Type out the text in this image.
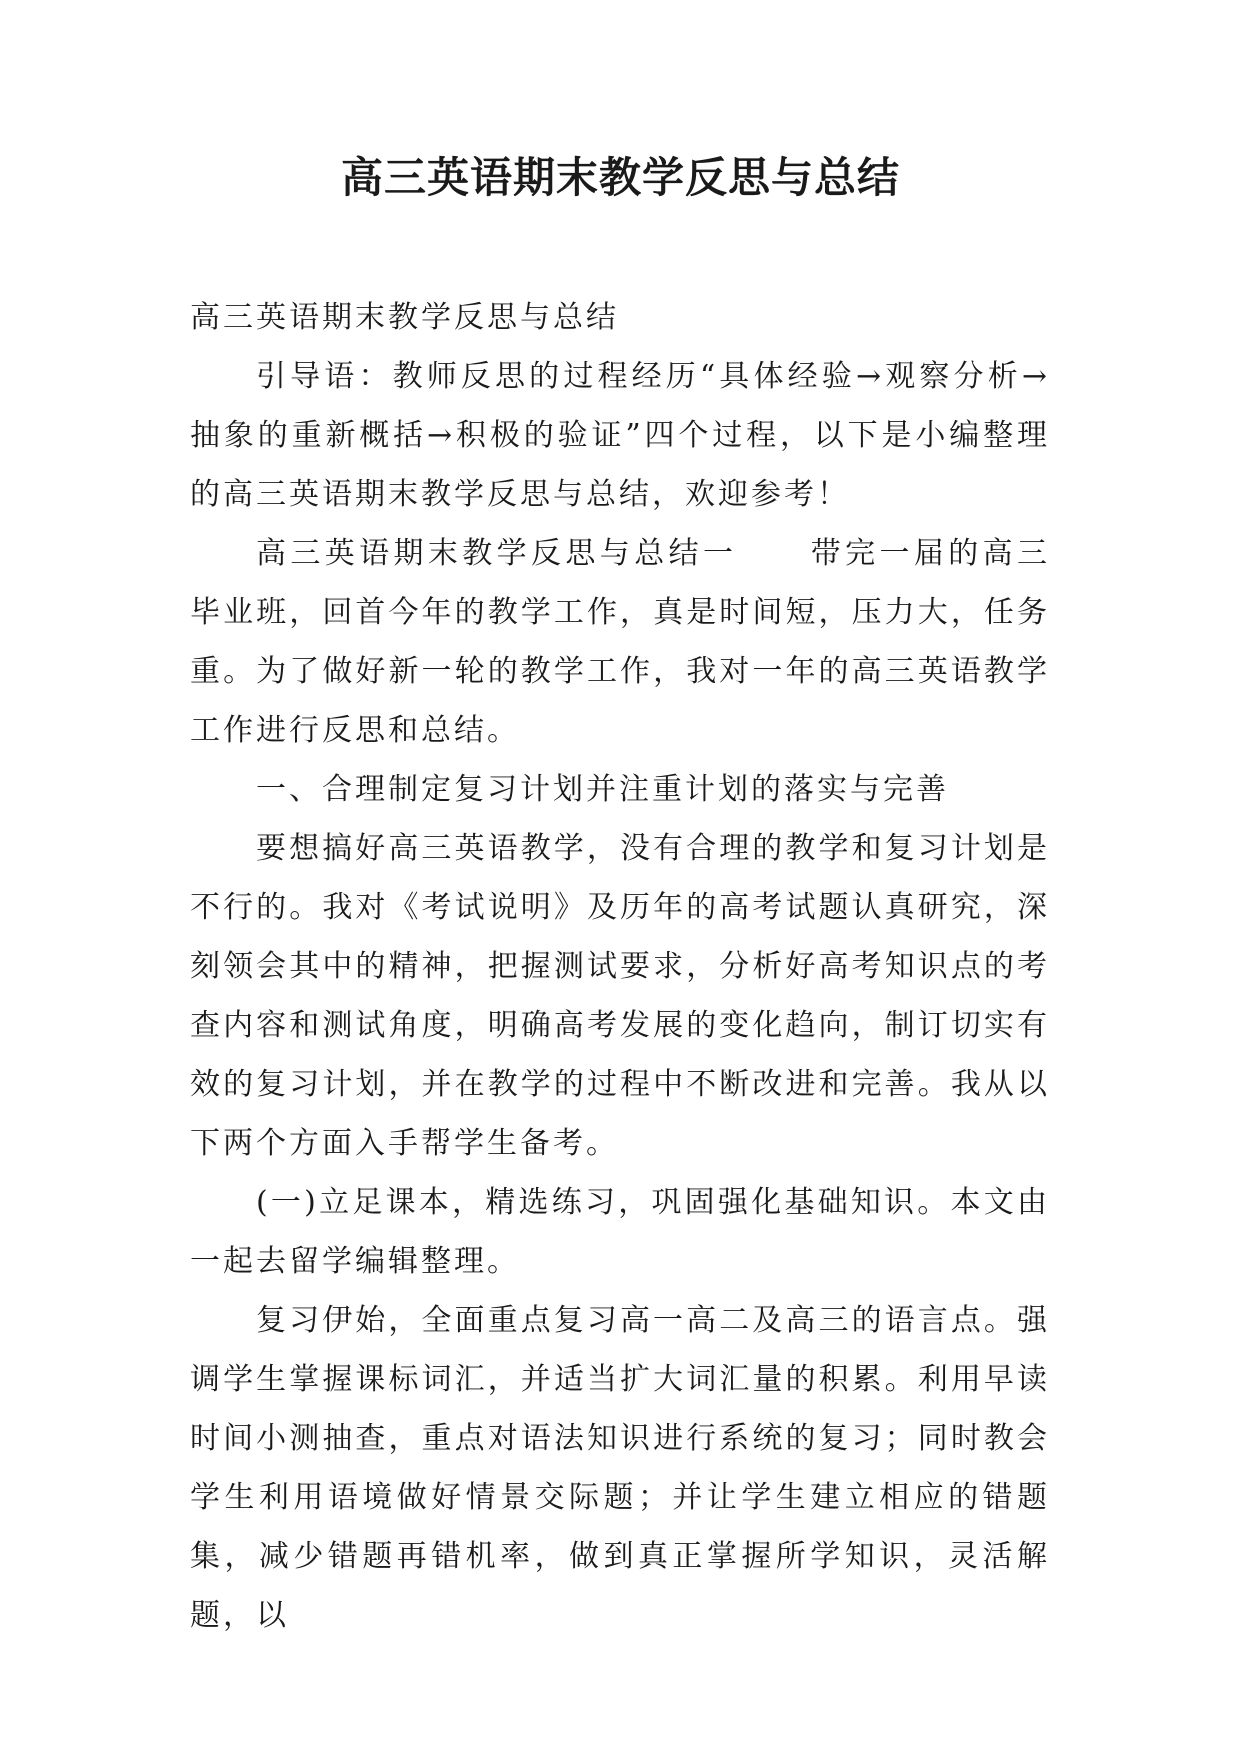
高三英语期末教学反思与总结

高三英语期末教学反思与总结

引导语：教师反思的过程经历“具体经验→观察分析→抽象的重新概括→积极的验证”四个过程，以下是小编整理的高三英语期末教学反思与总结，欢迎参考！

高三英语期末教学反思与总结一 带完一届的高三毕业班，回首今年的教学工作，真是时间短，压力大，任务重。为了做好新一轮的教学工作，我对一年的高三英语教学工作进行反思和总结。

一、合理制定复习计划并注重计划的落实与完善

要想搞好高三英语教学，没有合理的教学和复习计划是不行的。我对《考试说明》及历年的高考试题认真研究，深刻领会其中的精神，把握测试要求，分析好高考知识点的考查内容和测试角度，明确高考发展的变化趋向，制订切实有效的复习计划，并在教学的过程中不断改进和完善。我从以下两个方面入手帮学生备考。

(一)立足课本，精选练习，巩固强化基础知识。本文由一起去留学编辑整理。

复习伊始，全面重点复习高一高二及高三的语言点。强调学生掌握课标词汇，并适当扩大词汇量的积累。利用早读时间小测抽查，重点对语法知识进行系统的复习；同时教会学生利用语境做好情景交际题；并让学生建立相应的错题集，减少错题再错机率，做到真正掌握所学知识，灵活解题，以
